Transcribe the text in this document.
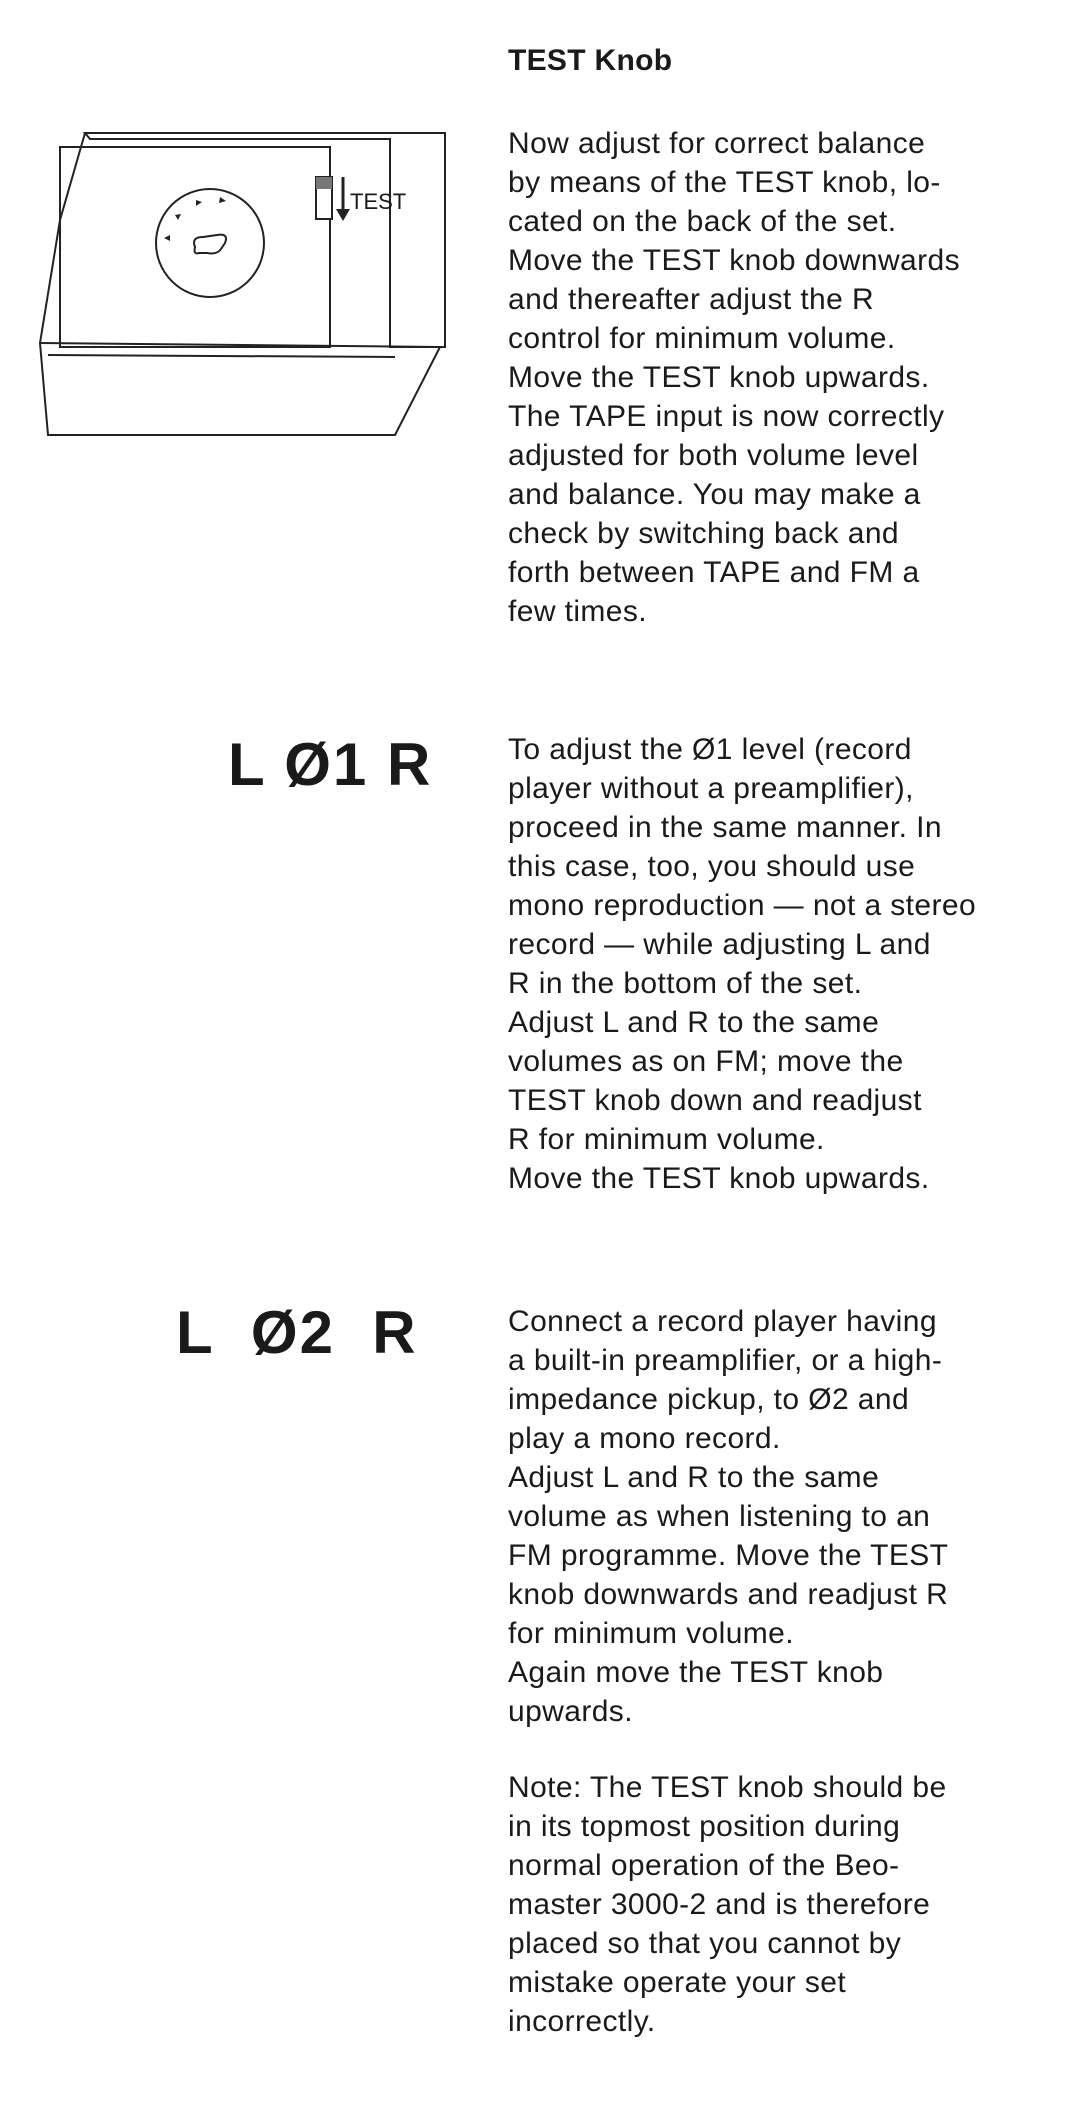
TEST
TEST Knob
Now adjust for correct balance
by means of the TEST knob, lo-
cated on the back of the set.
Move the TEST knob downwards
and thereafter adjust the R
control for minimum volume.
Move the TEST knob upwards.
The TAPE input is now correctly
adjusted for both volume level
and balance. You may make a
check by switching back and
forth between TAPE and FM a
few times.
L Ø1 R	To adjust the Ø1 level (record
player without a preamplifier),
proceed in the same manner. In
this case, too, you should use
mono reproduction — not a stereo
record — while adjusting L and
R in the bottom of the set.
Adjust L and R to the same
volumes as on FM; move the
TEST knob down and readjust
R for minimum volume.
Move the TEST knob upwards.
L  Ø2  R	Connect a record player having
a built-in preamplifier, or a high-
impedance pickup, to Ø2 and
play a mono record.
Adjust L and R to the same
volume as when listening to an
FM programme. Move the TEST
knob downwards and readjust R
for minimum volume.
Again move the TEST knob
upwards.
Note: The TEST knob should be
in its topmost position during
normal operation of the Beo-
master 3000-2 and is therefore
placed so that you cannot by
mistake operate your set
incorrectly.
